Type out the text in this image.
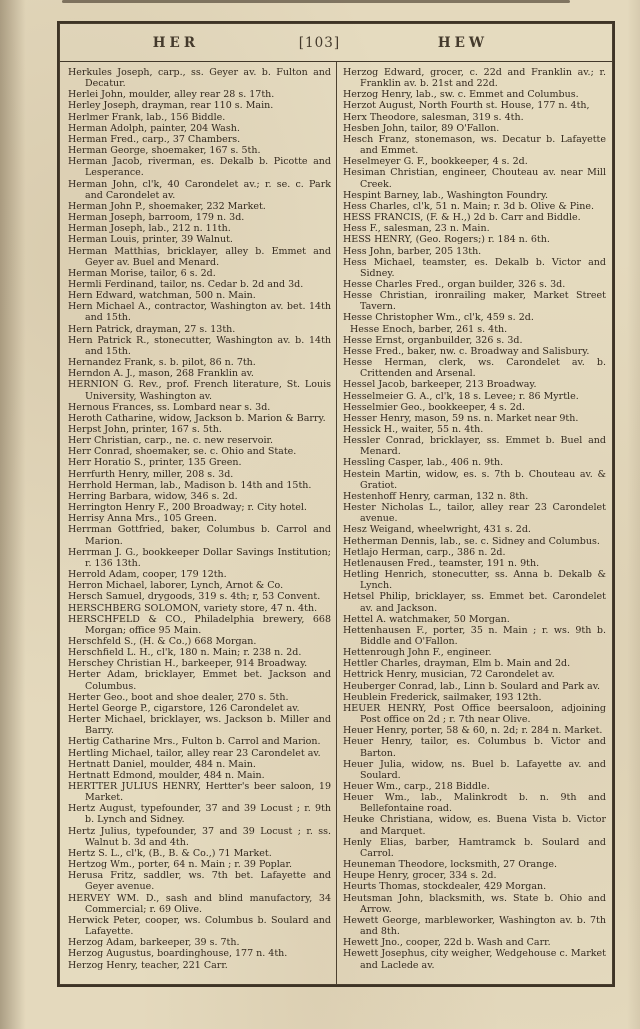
HER	[103]	HEW

Herkules Joseph, carp., ss. Geyer av. b. Fulton and Decatur.

Herlei John, moulder, alley rear 28 s. 17th.

Herley Joseph, drayman, rear 110 s. Main.

Herlmer Frank, lab., 156 Biddle.

Herman Adolph, painter, 204 Wash.

Herman Fred., carp., 37 Chambers.

Herman George, shoemaker, 167 s. 5th.

Herman Jacob, riverman, es. Dekalb b. Picotte and Lesperance.

Herman John, cl'k, 40 Carondelet av.; r. se. c. Park and Carondelet av.

Herman John P., shoemaker, 232 Market.

Herman Joseph, barroom, 179 n. 3d.

Herman Joseph, lab., 212 n. 11th.

Herman Louis, printer, 39 Walnut.

Herman Matthias, bricklayer, alley b. Emmet and Geyer av. Buel and Menard.

Herman Morise, tailor, 6 s. 2d.

Hermli Ferdinand, tailor, ns. Cedar b. 2d and 3d.

Hern Edward, watchman, 500 n. Main.

Hern Michael A., contractor, Washington av. bet. 14th and 15th.

Hern Patrick, drayman, 27 s. 13th.

Hern Patrick R., stonecutter, Washington av. b. 14th and 15th.

Hernandez Frank, s. b. pilot, 86 n. 7th.

Herndon A. J., mason, 268 Franklin av.

HERNION G. Rev., prof. French literature, St. Louis University, Washington av.

Hernous Frances, ss. Lombard near s. 3d.

Heroth Catharine, widow, Jackson b. Marion & Barry.

Herpst John, printer, 167 s. 5th.

Herr Christian, carp., ne. c. new reservoir.

Herr Conrad, shoemaker, se. c. Ohio and State.

Herr Horatio S., printer, 135 Green.

Herrfurth Henry, miller, 208 s. 3d.

Herrhold Herman, lab., Madison b. 14th and 15th.

Herring Barbara, widow, 346 s. 2d.

Herrington Henry F., 200 Broadway; r. City hotel.

Herrisy Anna Mrs., 105 Green.

Herrman Gottfried, baker, Columbus b. Carrol and Marion.

Herrman J. G., bookkeeper Dollar Savings Institution; r. 136 13th.

Herrold Adam, cooper, 179 12th.

Herron Michael, laborer, Lynch, Arnot & Co.

Hersch Samuel, drygoods, 319 s. 4th; r, 53 Convent.

HERSCHBERG SOLOMON, variety store, 47 n. 4th.

HERSCHFELD & CO., Philadelphia brewery, 668 Morgan; office 95 Main.

Herschfeld S., (H. & Co.,) 668 Morgan.

Herschfield L. H., cl'k, 180 n. Main; r. 238 n. 2d.

Herschey Christian H., barkeeper, 914 Broadway.

Herter Adam, bricklayer, Emmet bet. Jackson and Columbus.

Herter Geo., boot and shoe dealer, 270 s. 5th.

Hertel George P., cigarstore, 126 Carondelet av.

Herter Michael, bricklayer, ws. Jackson b. Miller and Barry.

Hertig Catharine Mrs., Fulton b. Carrol and Marion.

Hertling Michael, tailor, alley rear 23 Carondelet av.

Hertnatt Daniel, moulder, 484 n. Main.

Hertnatt Edmond, moulder, 484 n. Main.

HERTTER JULIUS HENRY, Hertter's beer saloon, 19 Market.

Hertz August, typefounder, 37 and 39 Locust ; r. 9th b. Lynch and Sidney.

Hertz Julius, typefounder, 37 and 39 Locust ; r. ss. Walnut b. 3d and 4th.

Hertz S. L., cl'k, (B., B. & Co.,) 71 Market.

Hertzog Wm., porter, 64 n. Main ; r. 39 Poplar.

Herusa Fritz, saddler, ws. 7th bet. Lafayette and Geyer avenue.

HERVEY WM. D., sash and blind manufactory, 34 Commercial; r. 69 Olive.

Herwick Peter, cooper, ws. Columbus b. Soulard and Lafayette.

Herzog Adam, barkeeper, 39 s. 7th.

Herzog Augustus, boardinghouse, 177 n. 4th.

Herzog Henry, teacher, 221 Carr.

Herzog Edward, grocer, c. 22d and Franklin av.; r. Franklin av. b. 21st and 22d.

Herzog Henry, lab., sw. c. Emmet and Columbus.

Herzot August, North Fourth st. House, 177 n. 4th,

Herx Theodore, salesman, 319 s. 4th.

Hesben John, tailor, 89 O'Fallon.

Hesch Franz, stonemason, ws. Decatur b. Lafayette and Emmet.

Heselmeyer G. F., bookkeeper, 4 s. 2d.

Hesiman Christian, engineer, Chouteau av. near Mill Creek.

Hespint Barney, lab., Washington Foundry.

Hess Charles, cl'k, 51 n. Main; r. 3d b. Olive & Pine.

HESS FRANCIS, (F. & H.,) 2d b. Carr and Biddle.

Hess F., salesman, 23 n. Main.

HESS HENRY, (Geo. Rogers;) r. 184 n. 6th.

Hess John, barber, 205 13th.

Hess Michael, teamster, es. Dekalb b. Victor and Sidney.

Hesse Charles Fred., organ builder, 326 s. 3d.

Hesse Christian, ironrailing maker, Market Street Tavern.

Hesse Christopher Wm., cl'k, 459 s. 2d.

Hesse Enoch, barber, 261 s. 4th.

Hesse Ernst, organbuilder, 326 s. 3d.

Hesse Fred., baker, nw. c. Broadway and Salisbury.

Hesse Herman, clerk, ws. Carondelet av. b. Crittenden and Arsenal.

Hessel Jacob, barkeeper, 213 Broadway.

Hesselmeier G. A., cl'k, 18 s. Levee; r. 86 Myrtle.

Hesselmier Geo., bookkeeper, 4 s. 2d.

Hesser Henry, mason, 59 ns. n. Market near 9th.

Hessick H., waiter, 55 n. 4th.

Hessler Conrad, bricklayer, ss. Emmet b. Buel and Menard.

Hessling Casper, lab., 406 n. 9th.

Hestein Martin, widow, es. s. 7th b. Chouteau av. & Gratiot.

Hestenhoff Henry, carman, 132 n. 8th.

Hester Nicholas L., tailor, alley rear 23 Carondelet avenue.

Hesz Weigand, wheelwright, 431 s. 2d.

Hetherman Dennis, lab., se. c. Sidney and Columbus.

Hetlajo Herman, carp., 386 n. 2d.

Hetlenausen Fred., teamster, 191 n. 9th.

Hetling Henrich, stonecutter, ss. Anna b. Dekalb & Lynch.

Hetsel Philip, bricklayer, ss. Emmet bet. Carondelet av. and Jackson.

Hettel A. watchmaker, 50 Morgan.

Hettenhausen F., porter, 35 n. Main ; r. ws. 9th b. Biddle and O'Fallon.

Hettenrough John F., engineer.

Hettler Charles, drayman, Elm b. Main and 2d.

Hettrick Henry, musician, 72 Carondelet av.

Heuberger Conrad, lab., Linn b. Soulard and Park av.

Heublein Frederick, sailmaker, 193 12th.

HEUER HENRY, Post Office beersaloon, adjoining Post office on 2d ; r. 7th near Olive.

Heuer Henry, porter, 58 & 60, n. 2d; r. 284 n. Market.

Heuer Henry, tailor, es. Columbus b. Victor and Barton.

Heuer Julia, widow, ns. Buel b. Lafayette av. and Soulard.

Heuer Wm., carp., 218 Biddle.

Heuer Wm., lab., Malinkrodt b. n. 9th and Bellefontaine road.

Heuke Christiana, widow, es. Buena Vista b. Victor and Marquet.

Henly Elias, barber, Hamtramck b. Soulard and Carrol.

Heuneman Theodore, locksmith, 27 Orange.

Heupe Henry, grocer, 334 s. 2d.

Heurts Thomas, stockdealer, 429 Morgan.

Heutsman John, blacksmith, ws. State b. Ohio and Arrow.

Hewett George, marbleworker, Washington av. b. 7th and 8th.

Hewett Jno., cooper, 22d b. Wash and Carr.

Hewett Josephus, city weigher, Wedgehouse c. Market and Laclede av.
